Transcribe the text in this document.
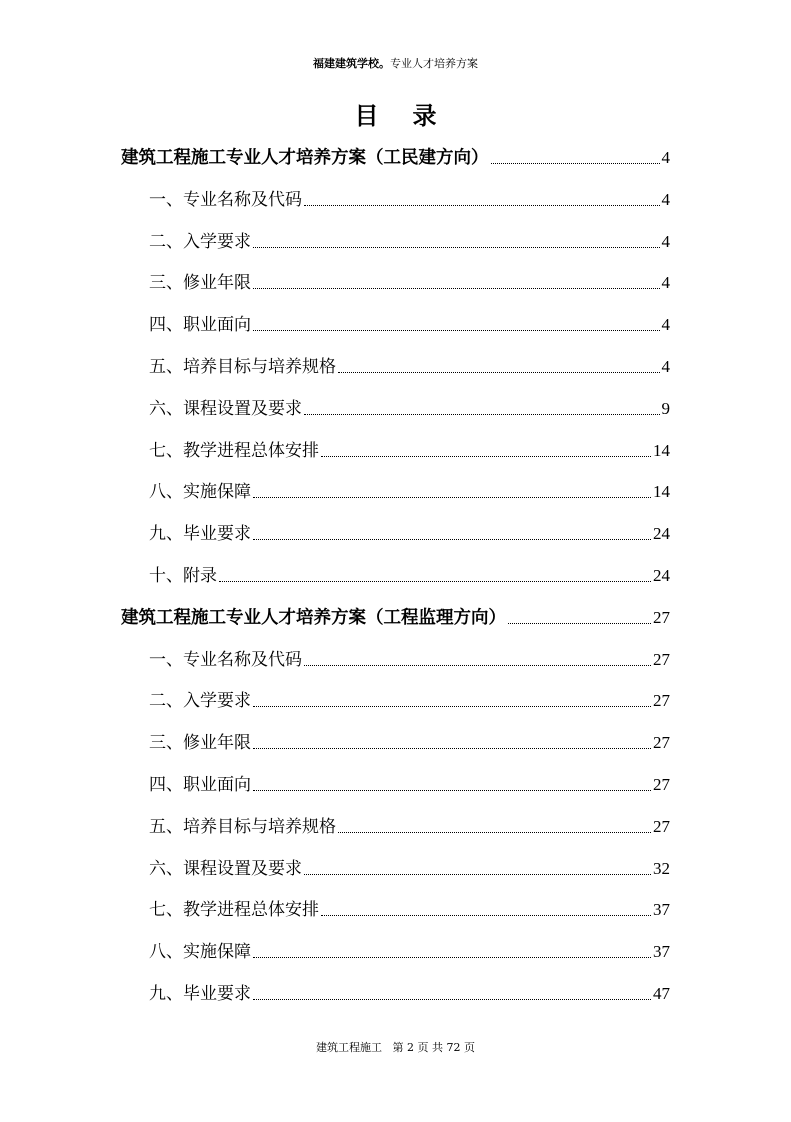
福建建筑学校。专业人才培养方案
目录
建筑工程施工专业人才培养方案（工民建方向）	4
一、专业名称及代码	4
二、入学要求	4
三、修业年限	4
四、职业面向	4
五、培养目标与培养规格	4
六、课程设置及要求	9
七、教学进程总体安排	14
八、实施保障	14
九、毕业要求	24
十、附录	24
建筑工程施工专业人才培养方案（工程监理方向）	27
一、专业名称及代码	27
二、入学要求	27
三、修业年限	27
四、职业面向	27
五、培养目标与培养规格	27
六、课程设置及要求	32
七、教学进程总体安排	37
八、实施保障	37
九、毕业要求	47
建筑工程施工   第 2 页 共 72 页
